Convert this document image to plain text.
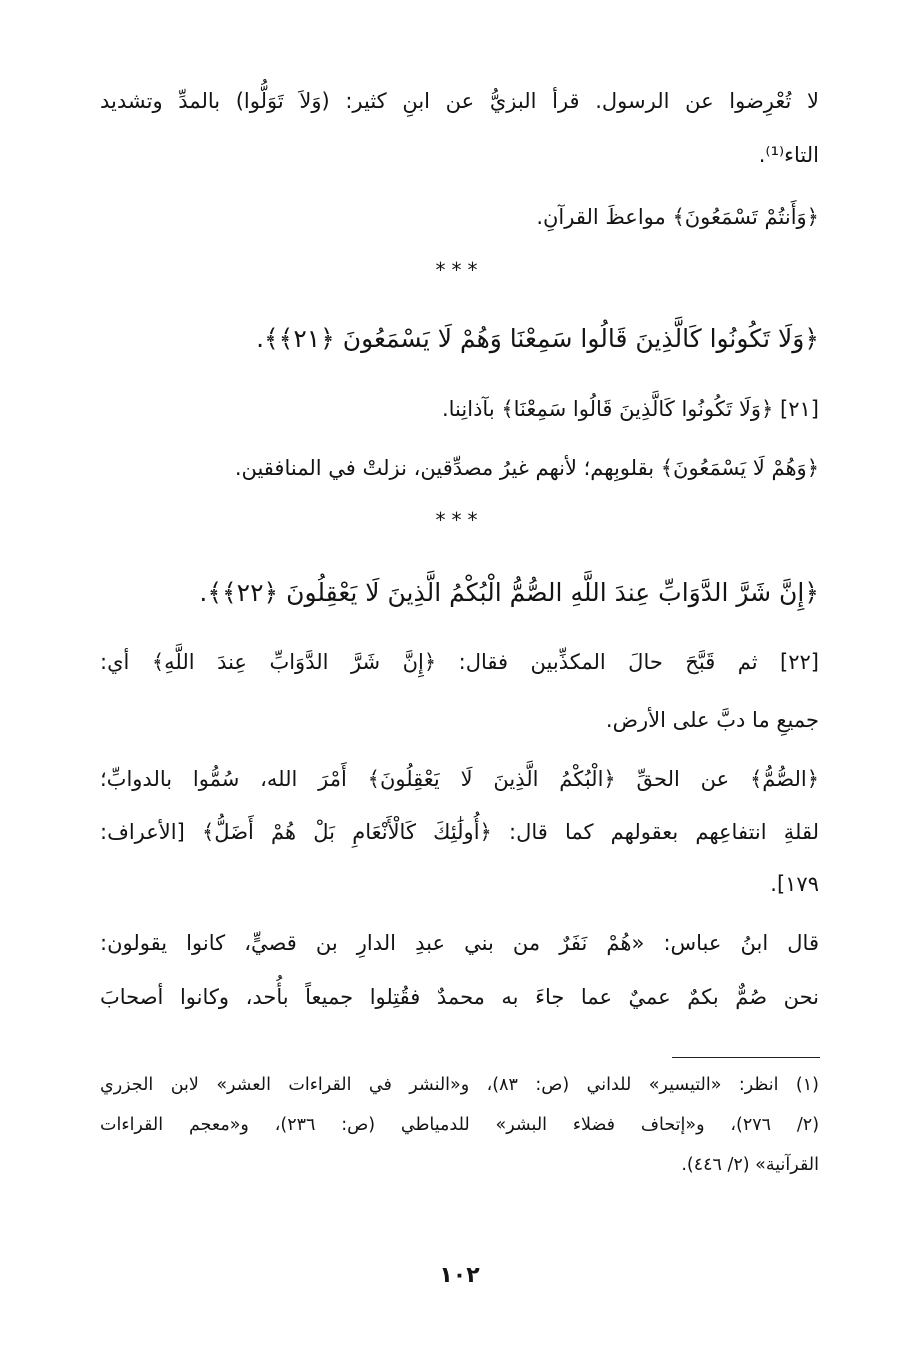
لا تُعْرِضوا عن الرسول. قرأ البزيُّ عن ابنِ كثير: (وَلاَ تَوَلُّوا) بالمدِّ وتشديد
التاء⁽¹⁾.
﴿وَأَنتُمْ تَسْمَعُونَ﴾ مواعظَ القرآنِ.
***
﴿وَلَا تَكُونُوا كَالَّذِينَ قَالُوا سَمِعْنَا وَهُمْ لَا يَسْمَعُونَ ﴿٢١﴾﴾.
[٢١] ﴿وَلَا تَكُونُوا كَالَّذِينَ قَالُوا سَمِعْنَا﴾ بآذانِنا.
﴿وَهُمْ لَا يَسْمَعُونَ﴾ بقلوبِهم؛ لأنهم غيرُ مصدِّقين، نزلتْ في المنافقين.
***
﴿إِنَّ شَرَّ الدَّوَابِّ عِندَ اللَّهِ الصُّمُّ الْبُكْمُ الَّذِينَ لَا يَعْقِلُونَ ﴿٢٢﴾﴾.
[٢٢] ثم قَبَّحَ حالَ المكذِّبين فقال: ﴿إِنَّ شَرَّ الدَّوَابِّ عِندَ اللَّهِ﴾ أي:
جميعِ ما دبَّ على الأرض.
﴿الصُّمُّ﴾ عن الحقِّ ﴿الْبُكْمُ الَّذِينَ لَا يَعْقِلُونَ﴾ أَمْرَ الله، سُمُّوا بالدوابِّ؛
لقلةِ انتفاعِهم بعقولهم كما قال: ﴿أُولَٰئِكَ كَالْأَنْعَامِ بَلْ هُمْ أَضَلُّ﴾ [الأعراف:
١٧٩].
قال ابنُ عباس: «هُمْ نَفَرٌ من بني عبدِ الدارِ بن قصيٍّ، كانوا يقولون:
نحن صُمٌّ بكمٌ عميٌ عما جاءَ به محمدٌ فقُتِلوا جميعاً بأُحد، وكانوا أصحابَ
(١) انظر: «التيسير» للداني (ص: ٨٣)، و«النشر في القراءات العشر» لابن الجزري
(٢/ ٢٧٦)، و«إتحاف فضلاء البشر» للدمياطي (ص: ٢٣٦)، و«معجم القراءات
القرآنية» (٢/ ٤٤٦).
١٠٢
